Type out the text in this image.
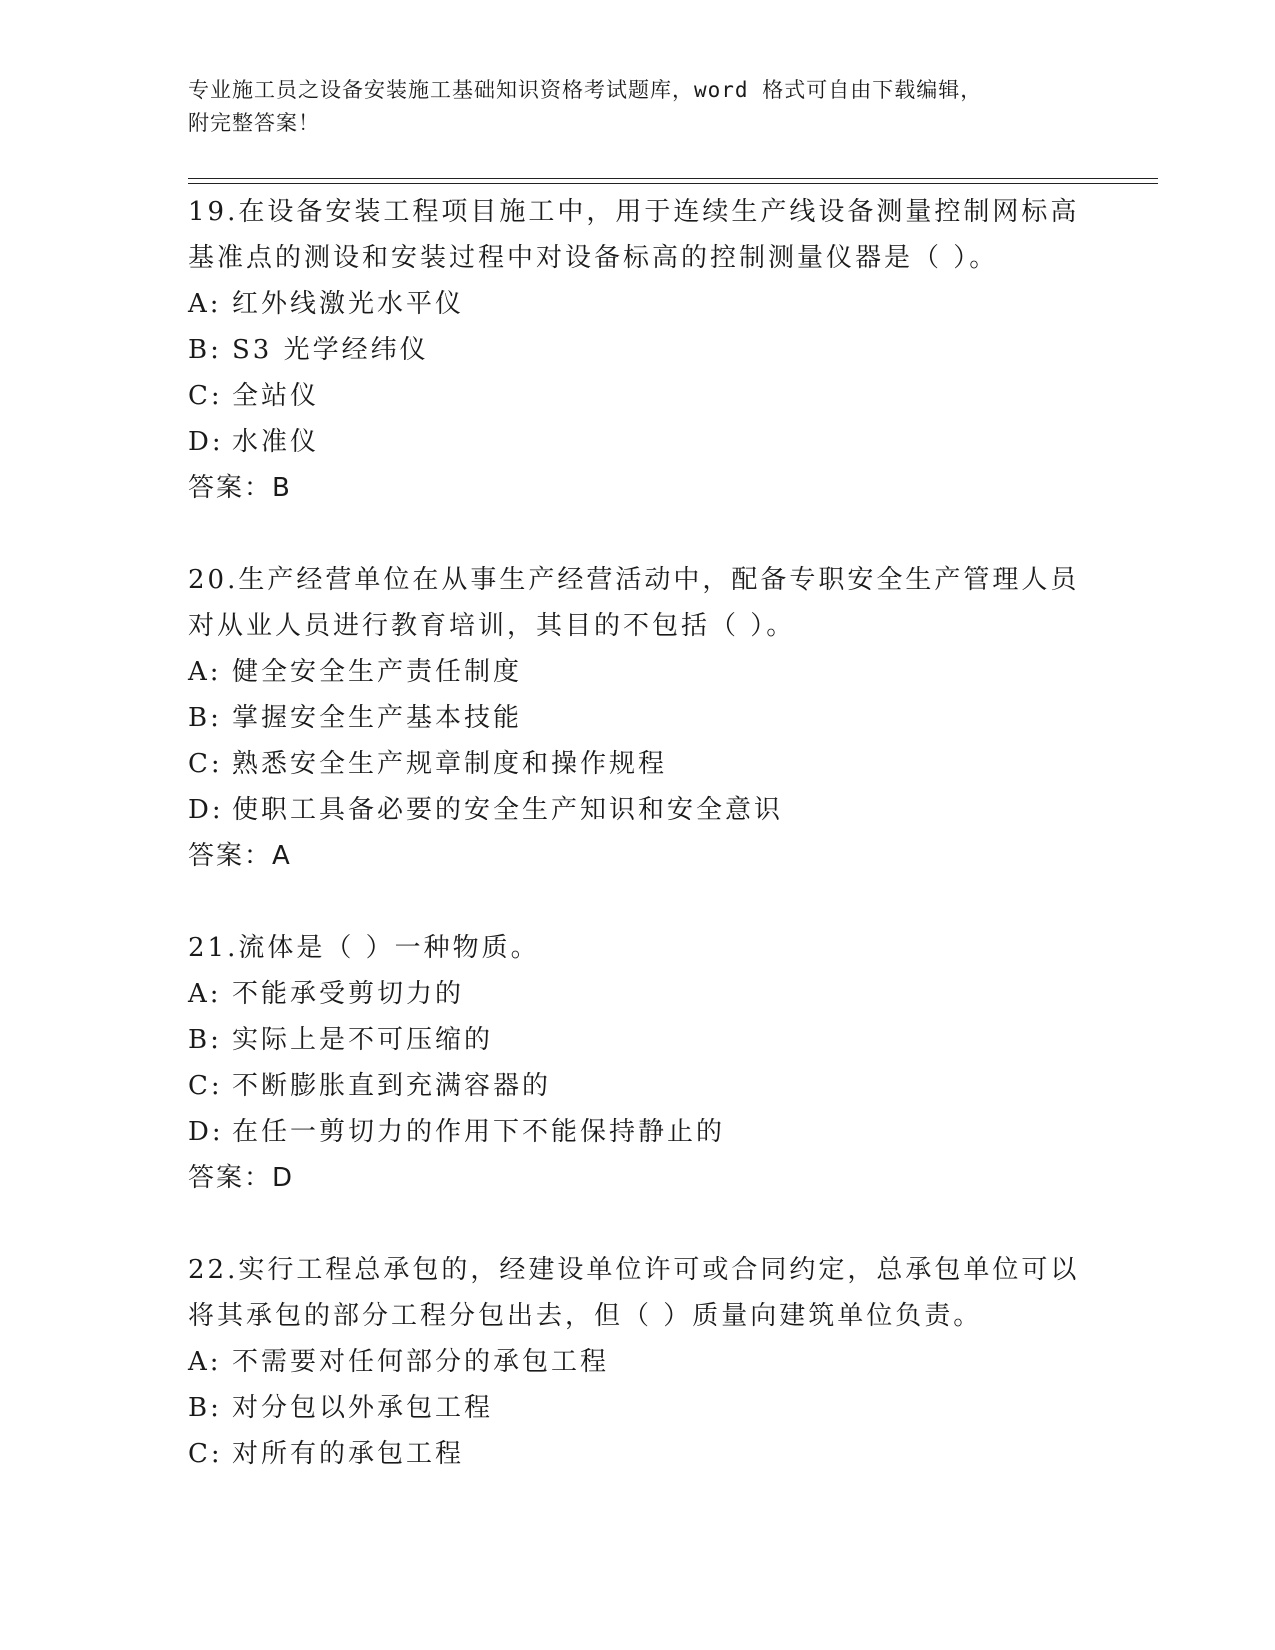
专业施工员之设备安装施工基础知识资格考试题库，word 格式可自由下载编辑，
附完整答案！

19.在设备安装工程项目施工中，用于连续生产线设备测量控制网标高基准点的测设和安装过程中对设备标高的控制测量仪器是（ ）。

A: 红外线激光水平仪
B: S3 光学经纬仪
C: 全站仪
D: 水准仪
答案：B

20.生产经营单位在从事生产经营活动中，配备专职安全生产管理人员对从业人员进行教育培训，其目的不包括（ ）。

A: 健全安全生产责任制度
B: 掌握安全生产基本技能
C: 熟悉安全生产规章制度和操作规程
D: 使职工具备必要的安全生产知识和安全意识
答案：A

21.流体是（ ）一种物质。

A: 不能承受剪切力的
B: 实际上是不可压缩的
C: 不断膨胀直到充满容器的
D: 在任一剪切力的作用下不能保持静止的
答案：D

22.实行工程总承包的，经建设单位许可或合同约定，总承包单位可以将其承包的部分工程分包出去，但（ ）质量向建筑单位负责。

A: 不需要对任何部分的承包工程
B: 对分包以外承包工程
C: 对所有的承包工程
